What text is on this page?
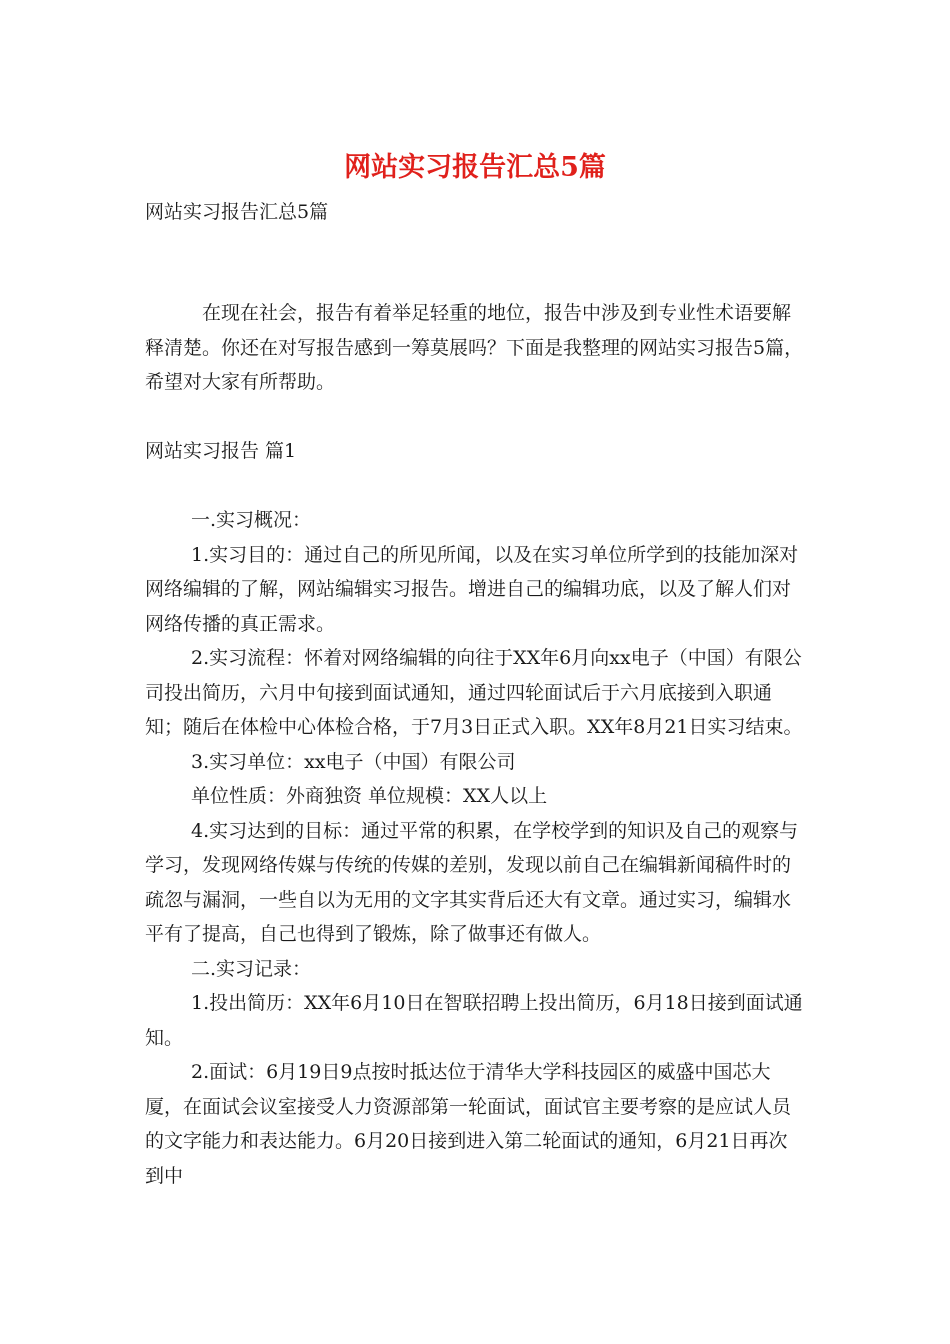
网站实习报告汇总5篇
网站实习报告汇总5篇

在现在社会，报告有着举足轻重的地位，报告中涉及到专业性术语要解释清楚。你还在对写报告感到一筹莫展吗？下面是我整理的网站实习报告5篇，希望对大家有所帮助。

网站实习报告 篇1

一.实习概况：

1.实习目的：通过自己的所见所闻，以及在实习单位所学到的技能加深对网络编辑的了解，网站编辑实习报告。增进自己的编辑功底，以及了解人们对网络传播的真正需求。

2.实习流程：怀着对网络编辑的向往于XX年6月向xx电子（中国）有限公司投出简历，六月中旬接到面试通知，通过四轮面试后于六月底接到入职通知；随后在体检中心体检合格，于7月3日正式入职。XX年8月21日实习结束。

3.实习单位：xx电子（中国）有限公司

单位性质：外商独资 单位规模：XX人以上

4.实习达到的目标：通过平常的积累，在学校学到的知识及自己的观察与学习，发现网络传媒与传统的传媒的差别，发现以前自己在编辑新闻稿件时的疏忽与漏洞，一些自以为无用的文字其实背后还大有文章。通过实习，编辑水平有了提高，自己也得到了锻炼，除了做事还有做人。

二.实习记录：

1.投出简历：XX年6月10日在智联招聘上投出简历，6月18日接到面试通知。

2.面试：6月19日9点按时抵达位于清华大学科技园区的威盛中国芯大厦，在面试会议室接受人力资源部第一轮面试，面试官主要考察的是应试人员的文字能力和表达能力。6月20日接到进入第二轮面试的通知，6月21日再次到中
